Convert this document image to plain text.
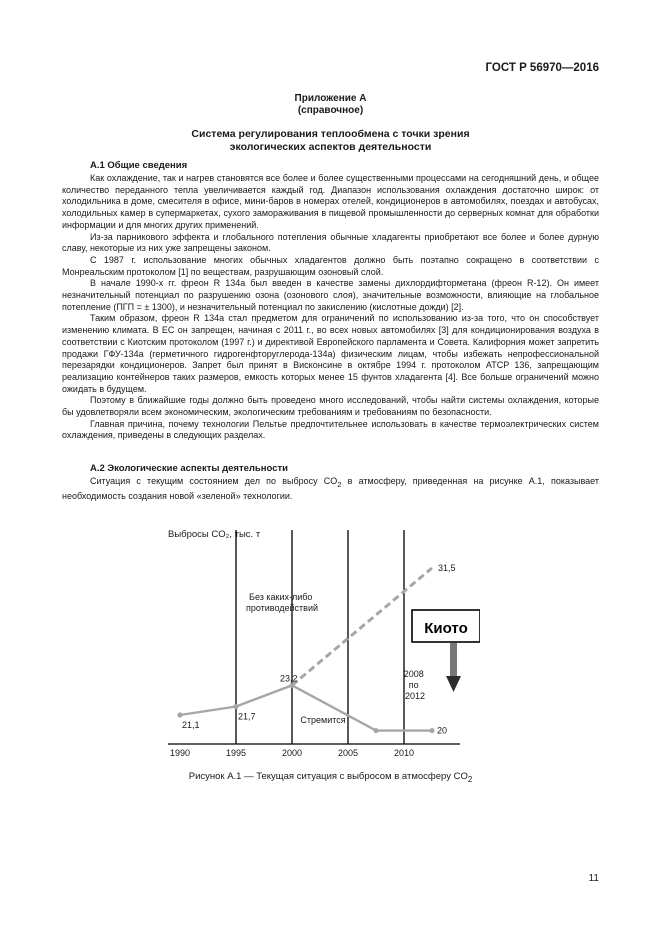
ГОСТ Р 56970—2016
Приложение А
(справочное)
Система регулирования теплообмена с точки зрения
экологических аспектов деятельности
А.1 Общие сведения

Как охлаждение, так и нагрев становятся все более и более существенными процессами на сегодняшний день, и общее количество переданного тепла увеличивается каждый год. Диапазон использования охлаждения достаточно широк: от холодильника в доме, смесителя в офисе, мини-баров в номерах отелей, кондиционеров в автомобилях, поездах и автобусах, холодильных камер в супермаркетах, сухого замораживания в пищевой промышленности до серверных комнат для обработки информации и для многих других применений.

Из-за парникового эффекта и глобального потепления обычные хладагенты приобретают все более и более дурную славу, некоторые из них уже запрещены законом.

С 1987 г. использование многих обычных хладагентов должно быть поэтапно сокращено в соответствии с Монреальским протоколом [1] по веществам, разрушающим озоновый слой.

В начале 1990-х гг. фреон R 134a был введен в качестве замены дихлордифторметана (фреон R-12). Он имеет незначительный потенциал по разрушению озона (озонового слоя), значительные возможности, влияющие на глобальное потепление (ПГП = ± 1300), и незначительный потенциал по закислению (кислотные дожди) [2].

Таким образом, фреон R 134a стал предметом для ограничений по использованию из-за того, что он способствует изменению климата. В ЕС он запрещен, начиная с 2011 г., во всех новых автомобилях [3] для кондиционирования воздуха в соответствии с Киотским протоколом (1997 г.) и директивой Европейского парламента и Совета. Калифорния может запретить продажи ГФУ-134a (герметичного гидрогенфторуглерода-134a) физическим лицам, чтобы избежать непрофессиональной перезарядки кондиционеров. Запрет был принят в Висконсине в октябре 1994 г. протоколом ATCP 136, запрещающим реализацию контейнеров таких размеров, емкость которых менее 15 фунтов хладагента [4]. Все больше ограничений можно ожидать в будущем.

Поэтому в ближайшие годы должно быть проведено много исследований, чтобы найти системы охлаждения, которые бы удовлетворяли всем экономическим, экологическим требованиям и требованиям по безопасности.

Главная причина, почему технологии Пельтье предпочтительнее использовать в качестве термоэлектрических систем охлаждения, приведены в следующих разделах.

А.2 Экологические аспекты деятельности

Ситуация с текущим состоянием дел по выбросу $CO_2$ в атмосферу, приведенная на рисунке А.1, показывает необходимость создания новой «зеленой» технологии.

Выбросы CO₂, тыс. т
1990	1995	2000	2005	2010
21,1
21,7
23,2
20
31,5
Без каких-либо противодействий
Стремится
Киото
2008 по 2012
Рисунок А.1 — Текущая ситуация с выбросом в атмосферу $CO_2$
11
